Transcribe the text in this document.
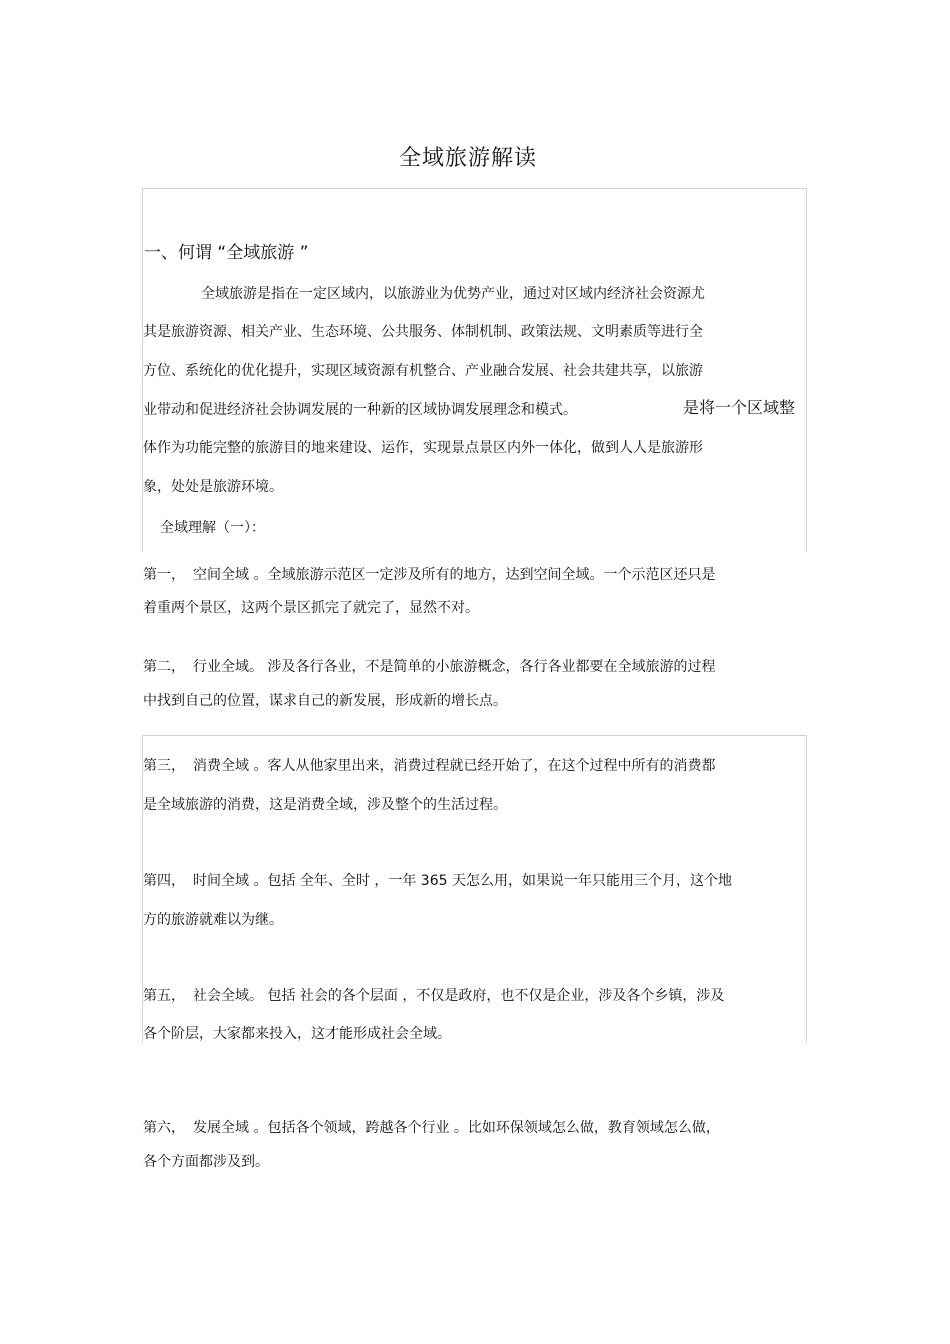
全域旅游解读
一、何谓 “全域旅游 ”
全域旅游是指在一定区域内，以旅游业为优势产业，通过对区域内经济社会资源尤
其是旅游资源、相关产业、生态环境、公共服务、体制机制、政策法规、文明素质等进行全
方位、系统化的优化提升，实现区域资源有机整合、产业融合发展、社会共建共享，以旅游
业带动和促进经济社会协调发展的一种新的区域协调发展理念和模式。	是将一个区域整
体作为功能完整的旅游目的地来建设、运作，实现景点景区内外一体化，做到人人是旅游形
象，处处是旅游环境。
全域理解（一）：
第一， 空间全域 。全域旅游示范区一定涉及所有的地方，达到空间全域。一个示范区还只是
着重两个景区，这两个景区抓完了就完了，显然不对。
第二， 行业全域。 涉及各行各业，不是简单的小旅游概念，各行各业都要在全域旅游的过程
中找到自己的位置，谋求自己的新发展，形成新的增长点。
第三， 消费全域 。客人从他家里出来，消费过程就已经开始了，在这个过程中所有的消费都
是全域旅游的消费，这是消费全域，涉及整个的生活过程。
第四， 时间全域 。包括 全年、全时 ，一年 365 天怎么用，如果说一年只能用三个月，这个地
方的旅游就难以为继。
第五， 社会全域。 包括 社会的各个层面 ，不仅是政府，也不仅是企业，涉及各个乡镇，涉及
各个阶层，大家都来投入，这才能形成社会全域。
第六， 发展全域 。包括各个领域，跨越各个行业 。比如环保领域怎么做，教育领域怎么做，
各个方面都涉及到。
